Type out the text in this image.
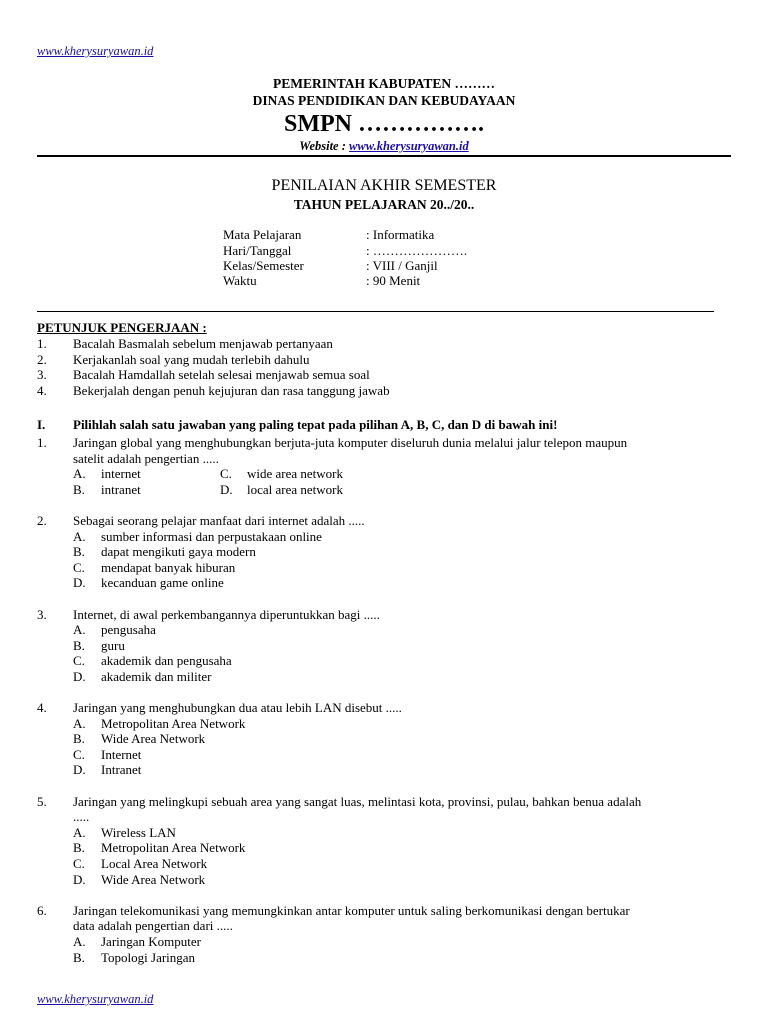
www.kherysuryawan.id
PEMERINTAH KABUPATEN ………
DINAS PENDIDIKAN DAN KEBUDAYAAN
SMPN …………….
Website : www.kherysuryawan.id
PENILAIAN AKHIR SEMESTER
TAHUN PELAJARAN 20../20..
Mata Pelajaran	: Informatika
Hari/Tanggal	: ………………….
Kelas/Semester	: VIII / Ganjil
Waktu	: 90 Menit
PETUNJUK PENGERJAAN :
1. Bacalah Basmalah sebelum menjawab pertanyaan
2. Kerjakanlah soal yang mudah terlebih dahulu
3. Bacalah Hamdallah setelah selesai menjawab semua soal
4. Bekerjalah dengan penuh kejujuran dan rasa tanggung jawab
I. Pilihlah salah satu jawaban yang paling tepat pada pilihan A, B, C, dan D di bawah ini!
1. Jaringan global yang menghubungkan berjuta-juta komputer diseluruh dunia melalui jalur telepon maupun
satelit adalah pengertian .....
A. internet	C. wide area network
B. intranet	D. local area network
2. Sebagai seorang pelajar manfaat dari internet adalah .....
A. sumber informasi dan perpustakaan online
B. dapat mengikuti gaya modern
C. mendapat banyak hiburan
D. kecanduan game online
3. Internet, di awal perkembangannya diperuntukkan bagi .....
A. pengusaha
B. guru
C. akademik dan pengusaha
D. akademik dan militer
4. Jaringan yang menghubungkan dua atau lebih LAN disebut .....
A. Metropolitan Area Network
B. Wide Area Network
C. Internet
D. Intranet
5. Jaringan yang melingkupi sebuah area yang sangat luas, melintasi kota, provinsi, pulau, bahkan benua adalah
.....
A. Wireless LAN
B. Metropolitan Area Network
C. Local Area Network
D. Wide Area Network
6. Jaringan telekomunikasi yang memungkinkan antar komputer untuk saling berkomunikasi dengan bertukar
data adalah pengertian dari .....
A. Jaringan Komputer
B. Topologi Jaringan
www.kherysuryawan.id
